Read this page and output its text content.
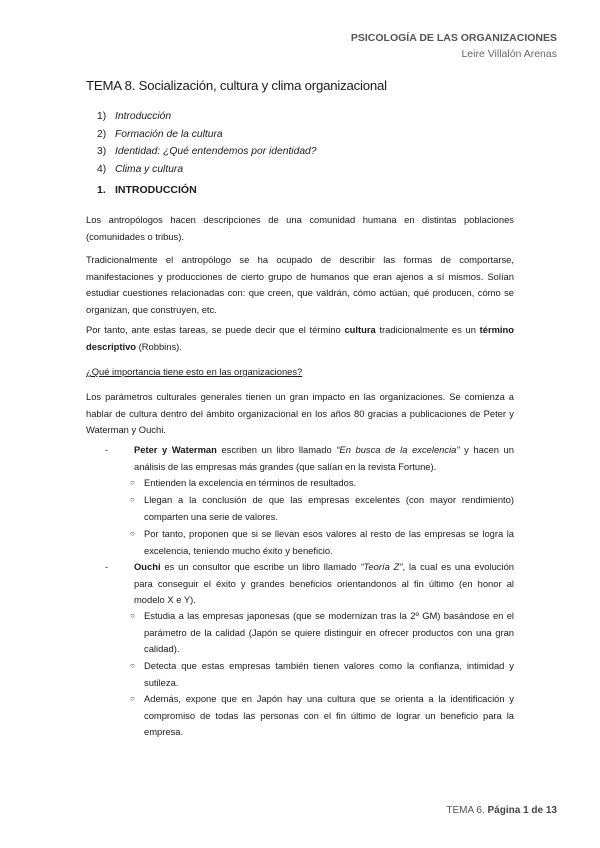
PSICOLOGÍA DE LAS ORGANIZACIONES
Leire Villalón Arenas
TEMA 8. Socialización, cultura y clima organizacional
1) Introducción
2) Formación de la cultura
3) Identidad: ¿Qué entendemos por identidad?
4) Clima y cultura
1. INTRODUCCIÓN

Los antropólogos hacen descripciones de una comunidad humana en distintas poblaciones (comunidades o tribus).

Tradicionalmente el antropólogo se ha ocupado de describir las formas de comportarse, manifestaciones y producciones de cierto grupo de humanos que eran ajenos a sí mismos. Solían estudiar cuestiones relacionadas con: que creen, que valdrán, cómo actúan, qué producen, cómo se organizan, que construyen, etc.

Por tanto, ante estas tareas, se puede decir que el término cultura tradicionalmente es un término descriptivo (Robbins).

¿Qué importancia tiene esto en las organizaciones?

Los parámetros culturales generales tienen un gran impacto en las organizaciones. Se comienza a hablar de cultura dentro del ámbito organizacional en los años 80 gracias a publicaciones de Peter y Waterman y Ouchi.

-	Peter y Waterman escriben un libro llamado “En busca de la excelencia” y hacen un análisis de las empresas más grandes (que salían en la revista Fortune).
○ Entienden la excelencia en términos de resultados.
○ Llegan a la conclusión de que las empresas excelentes (con mayor rendimiento) comparten una serie de valores.
○ Por tanto, proponen que si se llevan esos valores al resto de las empresas se logra la excelencia, teniendo mucho éxito y beneficio.
-	Ouchi es un consultor que escribe un libro llamado “Teoría Z”, la cual es una evolución para conseguir el éxito y grandes beneficios orientandonos al fin último (en honor al modelo X e Y).
○ Estudia a las empresas japonesas (que se modernizan tras la 2º GM) basándose en el parámetro de la calidad (Japón se quiere distinguir en ofrecer productos con una gran calidad).
○ Detecta que estas empresas también tienen valores como la confianza, intimidad y sutileza.
○ Además, expone que en Japón hay una cultura que se orienta a la identificación y compromiso de todas las personas con el fin último de lograr un beneficio para la empresa.
TEMA 6. Página 1 de 13
